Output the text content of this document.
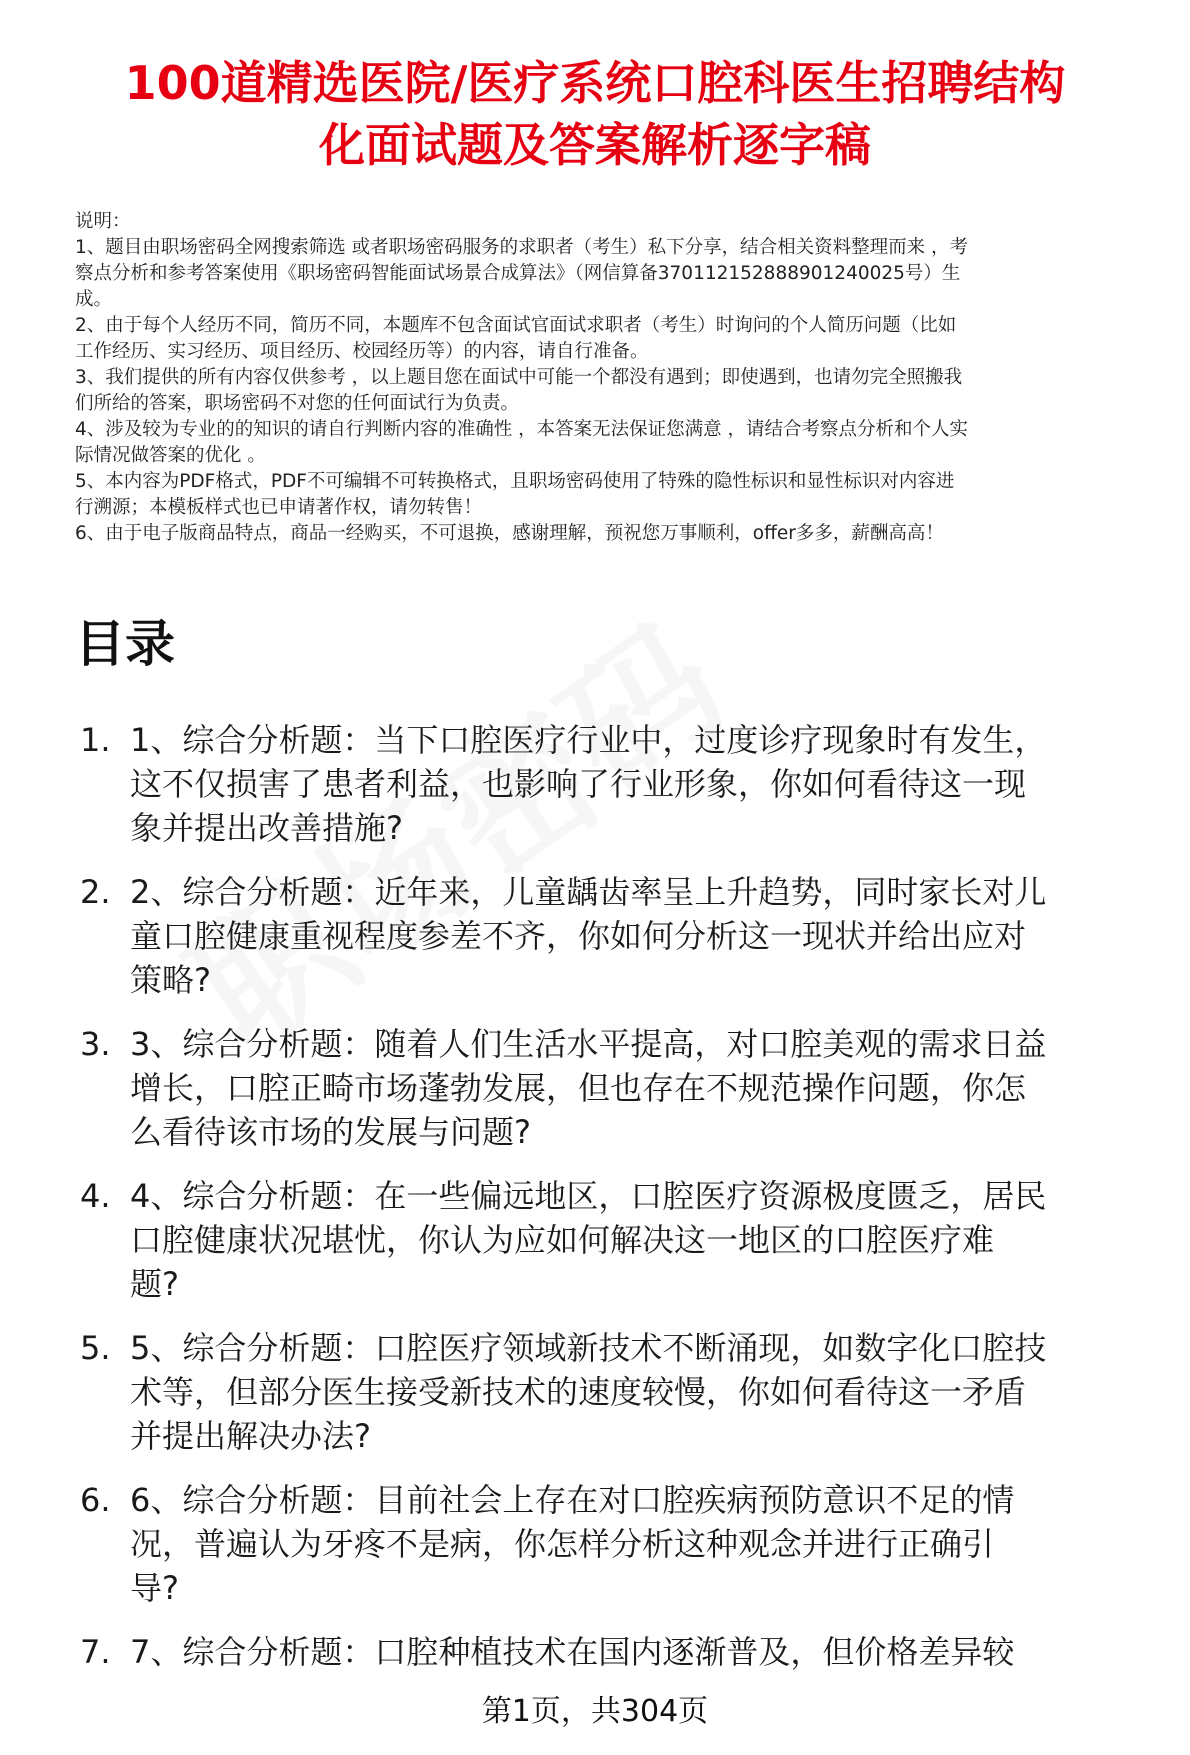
100道精选医院/医疗系统口腔科医生招聘结构
化面试题及答案解析逐字稿
说明：
1、题目由职场密码全网搜索筛选 或者职场密码服务的求职者（考生）私下分享，结合相关资料整理而来 ，考
察点分析和参考答案使用《职场密码智能面试场景合成算法》（网信算备370112152888901240025号）生
成。
2、由于每个人经历不同，简历不同，本题库不包含面试官面试求职者（考生）时询问的个人简历问题（比如
工作经历、实习经历、项目经历、校园经历等）的内容，请自行准备。
3、我们提供的所有内容仅供参考 ，以上题目您在面试中可能一个都没有遇到；即使遇到，也请勿完全照搬我
们所给的答案，职场密码不对您的任何面试行为负责。
4、涉及较为专业的的知识的请自行判断内容的准确性 ，本答案无法保证您满意 ，请结合考察点分析和个人实
际情况做答案的优化 。
5、本内容为PDF格式，PDF不可编辑不可转换格式，且职场密码使用了特殊的隐性标识和显性标识对内容进
行溯源；本模板样式也已申请著作权，请勿转售！
6、由于电子版商品特点，商品一经购买，不可退换，感谢理解，预祝您万事顺利，offer多多，薪酬高高！
目录
1. 1、综合分析题：当下口腔医疗行业中，过度诊疗现象时有发生，
这不仅损害了患者利益，也影响了行业形象，你如何看待这一现
象并提出改善措施?
2. 2、综合分析题：近年来，儿童龋齿率呈上升趋势，同时家长对儿
童口腔健康重视程度参差不齐，你如何分析这一现状并给出应对
策略?
3. 3、综合分析题：随着人们生活水平提高，对口腔美观的需求日益
增长，口腔正畸市场蓬勃发展，但也存在不规范操作问题，你怎
么看待该市场的发展与问题?
4. 4、综合分析题：在一些偏远地区，口腔医疗资源极度匮乏，居民
口腔健康状况堪忧，你认为应如何解决这一地区的口腔医疗难
题?
5. 5、综合分析题：口腔医疗领域新技术不断涌现，如数字化口腔技
术等，但部分医生接受新技术的速度较慢，你如何看待这一矛盾
并提出解决办法?
6. 6、综合分析题：目前社会上存在对口腔疾病预防意识不足的情
况，普遍认为牙疼不是病，你怎样分析这种观念并进行正确引
导?
7. 7、综合分析题：口腔种植技术在国内逐渐普及，但价格差异较
第1页，共304页
